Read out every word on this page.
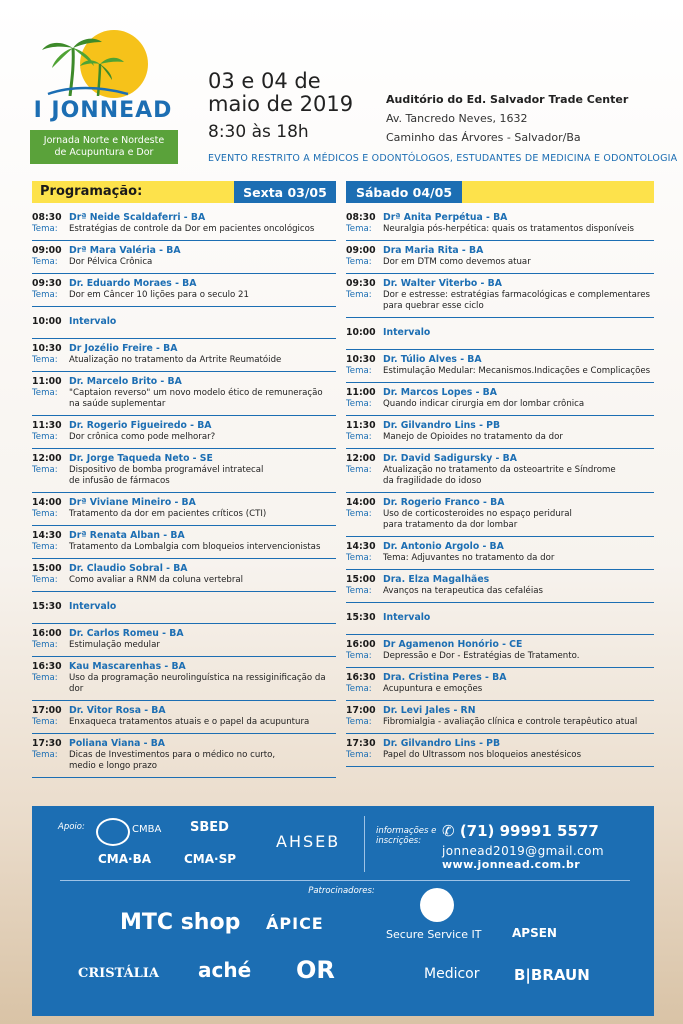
I JONNEAD
Jornada Norte e Nordeste
de Acupuntura e Dor
03 e 04 de
maio de 2019
8:30 às 18h
Auditório do Ed. Salvador Trade Center
Av. Tancredo Neves, 1632
Caminho das Árvores - Salvador/Ba
EVENTO RESTRITO A MÉDICOS E ODONTÓLOGOS, ESTUDANTES DE MEDICINA E ODONTOLOGIA
Programação:	Sexta 03/05	Sábado 04/05
08:30 Drª Neide Scaldaferri - BA
Tema:	Estratégias de controle da Dor em pacientes oncológicos
09:00 Drª Mara Valéria - BA
Tema:	Dor Pélvica Crônica
09:30 Dr. Eduardo Moraes - BA
Tema:	Dor em Câncer 10 lições para o seculo 21
10:00 Intervalo
10:30 Dr Jozélio Freire - BA
Tema:	Atualização no tratamento da Artrite Reumatóide
11:00 Dr. Marcelo Brito - BA
Tema:	"Captaion reverso" um novo modelo ético de remuneração
na saúde suplementar
11:30 Dr. Rogerio Figueiredo - BA
Tema:	Dor crônica como pode melhorar?
12:00 Dr. Jorge Taqueda Neto - SE
Tema:	Dispositivo de bomba programável intratecal
de infusão de fármacos
14:00 Drª Viviane Mineiro - BA
Tema:	Tratamento da dor em pacientes críticos (CTI)
14:30 Drª Renata Alban - BA
Tema:	Tratamento da Lombalgia com bloqueios intervencionistas
15:00 Dr. Claudio Sobral - BA
Tema:	Como avaliar a RNM da coluna vertebral
15:30 Intervalo
16:00 Dr. Carlos Romeu - BA
Tema:	Estimulação medular
16:30 Kau Mascarenhas - BA
Tema:	Uso da programação neurolinguística na ressiginificação da dor
17:00 Dr. Vitor Rosa - BA
Tema:	Enxaqueca tratamentos atuais e o papel da acupuntura
17:30 Poliana Viana - BA
Tema:	Dicas de Investimentos para o médico no curto,
medio e longo prazo
08:30 Drª Anita Perpétua - BA
Tema:	Neuralgia pós-herpética: quais os tratamentos disponíveis
09:00 Dra Maria Rita - BA
Tema:	Dor em DTM como devemos atuar
09:30 Dr. Walter Viterbo - BA
Tema:	Dor e estresse: estratégias farmacológicas e complementares
para quebrar esse ciclo
10:00 Intervalo
10:30 Dr. Túlio Alves - BA
Tema:	Estimulação Medular: Mecanismos.Indicações e Complicações
11:00 Dr. Marcos Lopes - BA
Tema:	Quando indicar cirurgia em dor lombar crônica
11:30 Dr. Gilvandro Lins - PB
Tema:	Manejo de Opioides no tratamento da dor
12:00 Dr. David Sadigursky - BA
Tema:	Atualização no tratamento da osteoartrite e Síndrome
da fragilidade do idoso
14:00 Dr. Rogerio Franco - BA
Tema:	Uso de corticosteroides no espaço peridural
para tratamento da dor lombar
14:30 Dr. Antonio Argolo - BA
Tema:	Tema: Adjuvantes no tratamento da dor
15:00 Dra. Elza Magalhães
Tema:	Avanços na terapeutica das cefaléias
15:30 Intervalo
16:00 Dr Agamenon Honório - CE
Tema:	Depressão e Dor - Estratégias de Tratamento.
16:30 Dra. Cristina Peres - BA
Tema:	Acupuntura e emoções
17:00 Dr. Levi Jales - RN
Tema:	Fibromialgia - avaliação clínica e controle terapêutico atual
17:30 Dr. Gilvandro Lins - PB
Tema:	Papel do Ultrassom nos bloqueios anestésicos
Apoio:	CMBA SBED
AHSEB
CMA·BA	CMA·SP
informações e
inscrições:
✆ (71) 99991 5577
jonnead2019@gmail.com
www.jonnead.com.br
Patrocinadores:
MTC shop ÁPICE
Secure Service IT	APSEN
CRISTÁLIA aché OR	Medicor B|BRAUN
